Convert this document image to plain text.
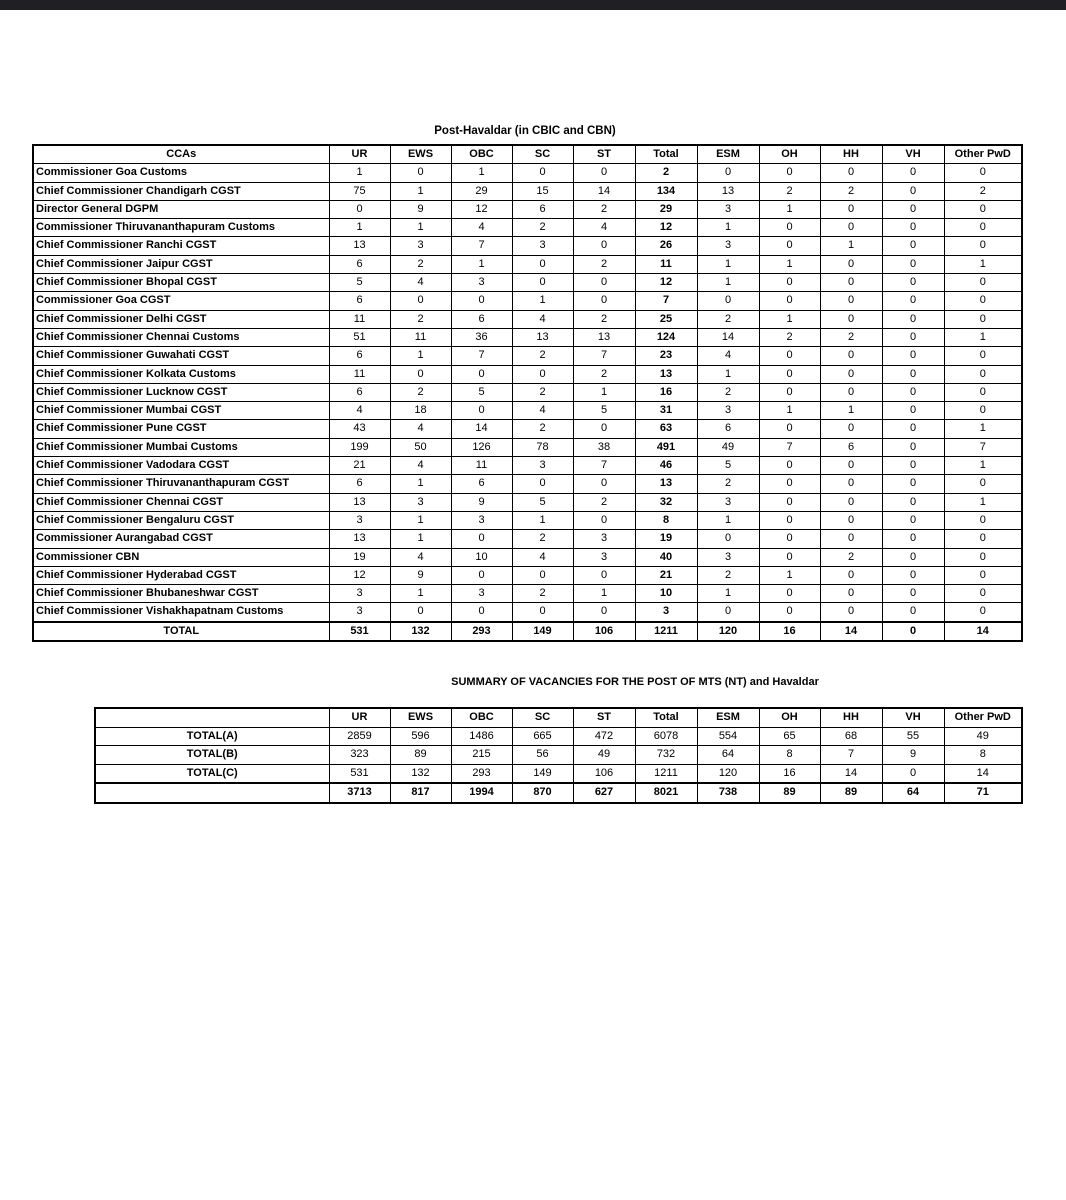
Post-Havaldar (in CBIC and CBN)
CCAs	UR	EWS	OBC	SC	ST	Total	ESM	OH	HH	VH	Other PwD
Commissioner Goa Customs	1	0	1	0	0	2	0	0	0	0	0
Chief Commissioner Chandigarh CGST	75	1	29	15	14	134	13	2	2	0	2
Director General DGPM	0	9	12	6	2	29	3	1	0	0	0
Commissioner Thiruvananthapuram Customs	1	1	4	2	4	12	1	0	0	0	0
Chief Commissioner Ranchi CGST	13	3	7	3	0	26	3	0	1	0	0
Chief Commissioner Jaipur CGST	6	2	1	0	2	11	1	1	0	0	1
Chief Commissioner Bhopal CGST	5	4	3	0	0	12	1	0	0	0	0
Commissioner Goa CGST	6	0	0	1	0	7	0	0	0	0	0
Chief Commissioner Delhi CGST	11	2	6	4	2	25	2	1	0	0	0
Chief Commissioner Chennai Customs	51	11	36	13	13	124	14	2	2	0	1
Chief Commissioner Guwahati CGST	6	1	7	2	7	23	4	0	0	0	0
Chief Commissioner Kolkata Customs	11	0	0	0	2	13	1	0	0	0	0
Chief Commissioner Lucknow CGST	6	2	5	2	1	16	2	0	0	0	0
Chief Commissioner Mumbai CGST	4	18	0	4	5	31	3	1	1	0	0
Chief Commissioner Pune CGST	43	4	14	2	0	63	6	0	0	0	1
Chief Commissioner Mumbai Customs	199	50	126	78	38	491	49	7	6	0	7
Chief Commissioner Vadodara CGST	21	4	11	3	7	46	5	0	0	0	1
Chief Commissioner Thiruvananthapuram CGST	6	1	6	0	0	13	2	0	0	0	0
Chief Commissioner Chennai CGST	13	3	9	5	2	32	3	0	0	0	1
Chief Commissioner Bengaluru CGST	3	1	3	1	0	8	1	0	0	0	0
Commissioner Aurangabad CGST	13	1	0	2	3	19	0	0	0	0	0
Commissioner CBN	19	4	10	4	3	40	3	0	2	0	0
Chief Commissioner Hyderabad CGST	12	9	0	0	0	21	2	1	0	0	0
Chief Commissioner Bhubaneshwar CGST	3	1	3	2	1	10	1	0	0	0	0
Chief Commissioner Vishakhapatnam Customs	3	0	0	0	0	3	0	0	0	0	0
TOTAL	531	132	293	149	106	1211	120	16	14	0	14
SUMMARY OF VACANCIES FOR THE POST OF MTS (NT) and Havaldar
	UR	EWS	OBC	SC	ST	Total	ESM	OH	HH	VH	Other PwD
TOTAL(A)	2859	596	1486	665	472	6078	554	65	68	55	49
TOTAL(B)	323	89	215	56	49	732	64	8	7	9	8
TOTAL(C)	531	132	293	149	106	1211	120	16	14	0	14
	3713	817	1994	870	627	8021	738	89	89	64	71
